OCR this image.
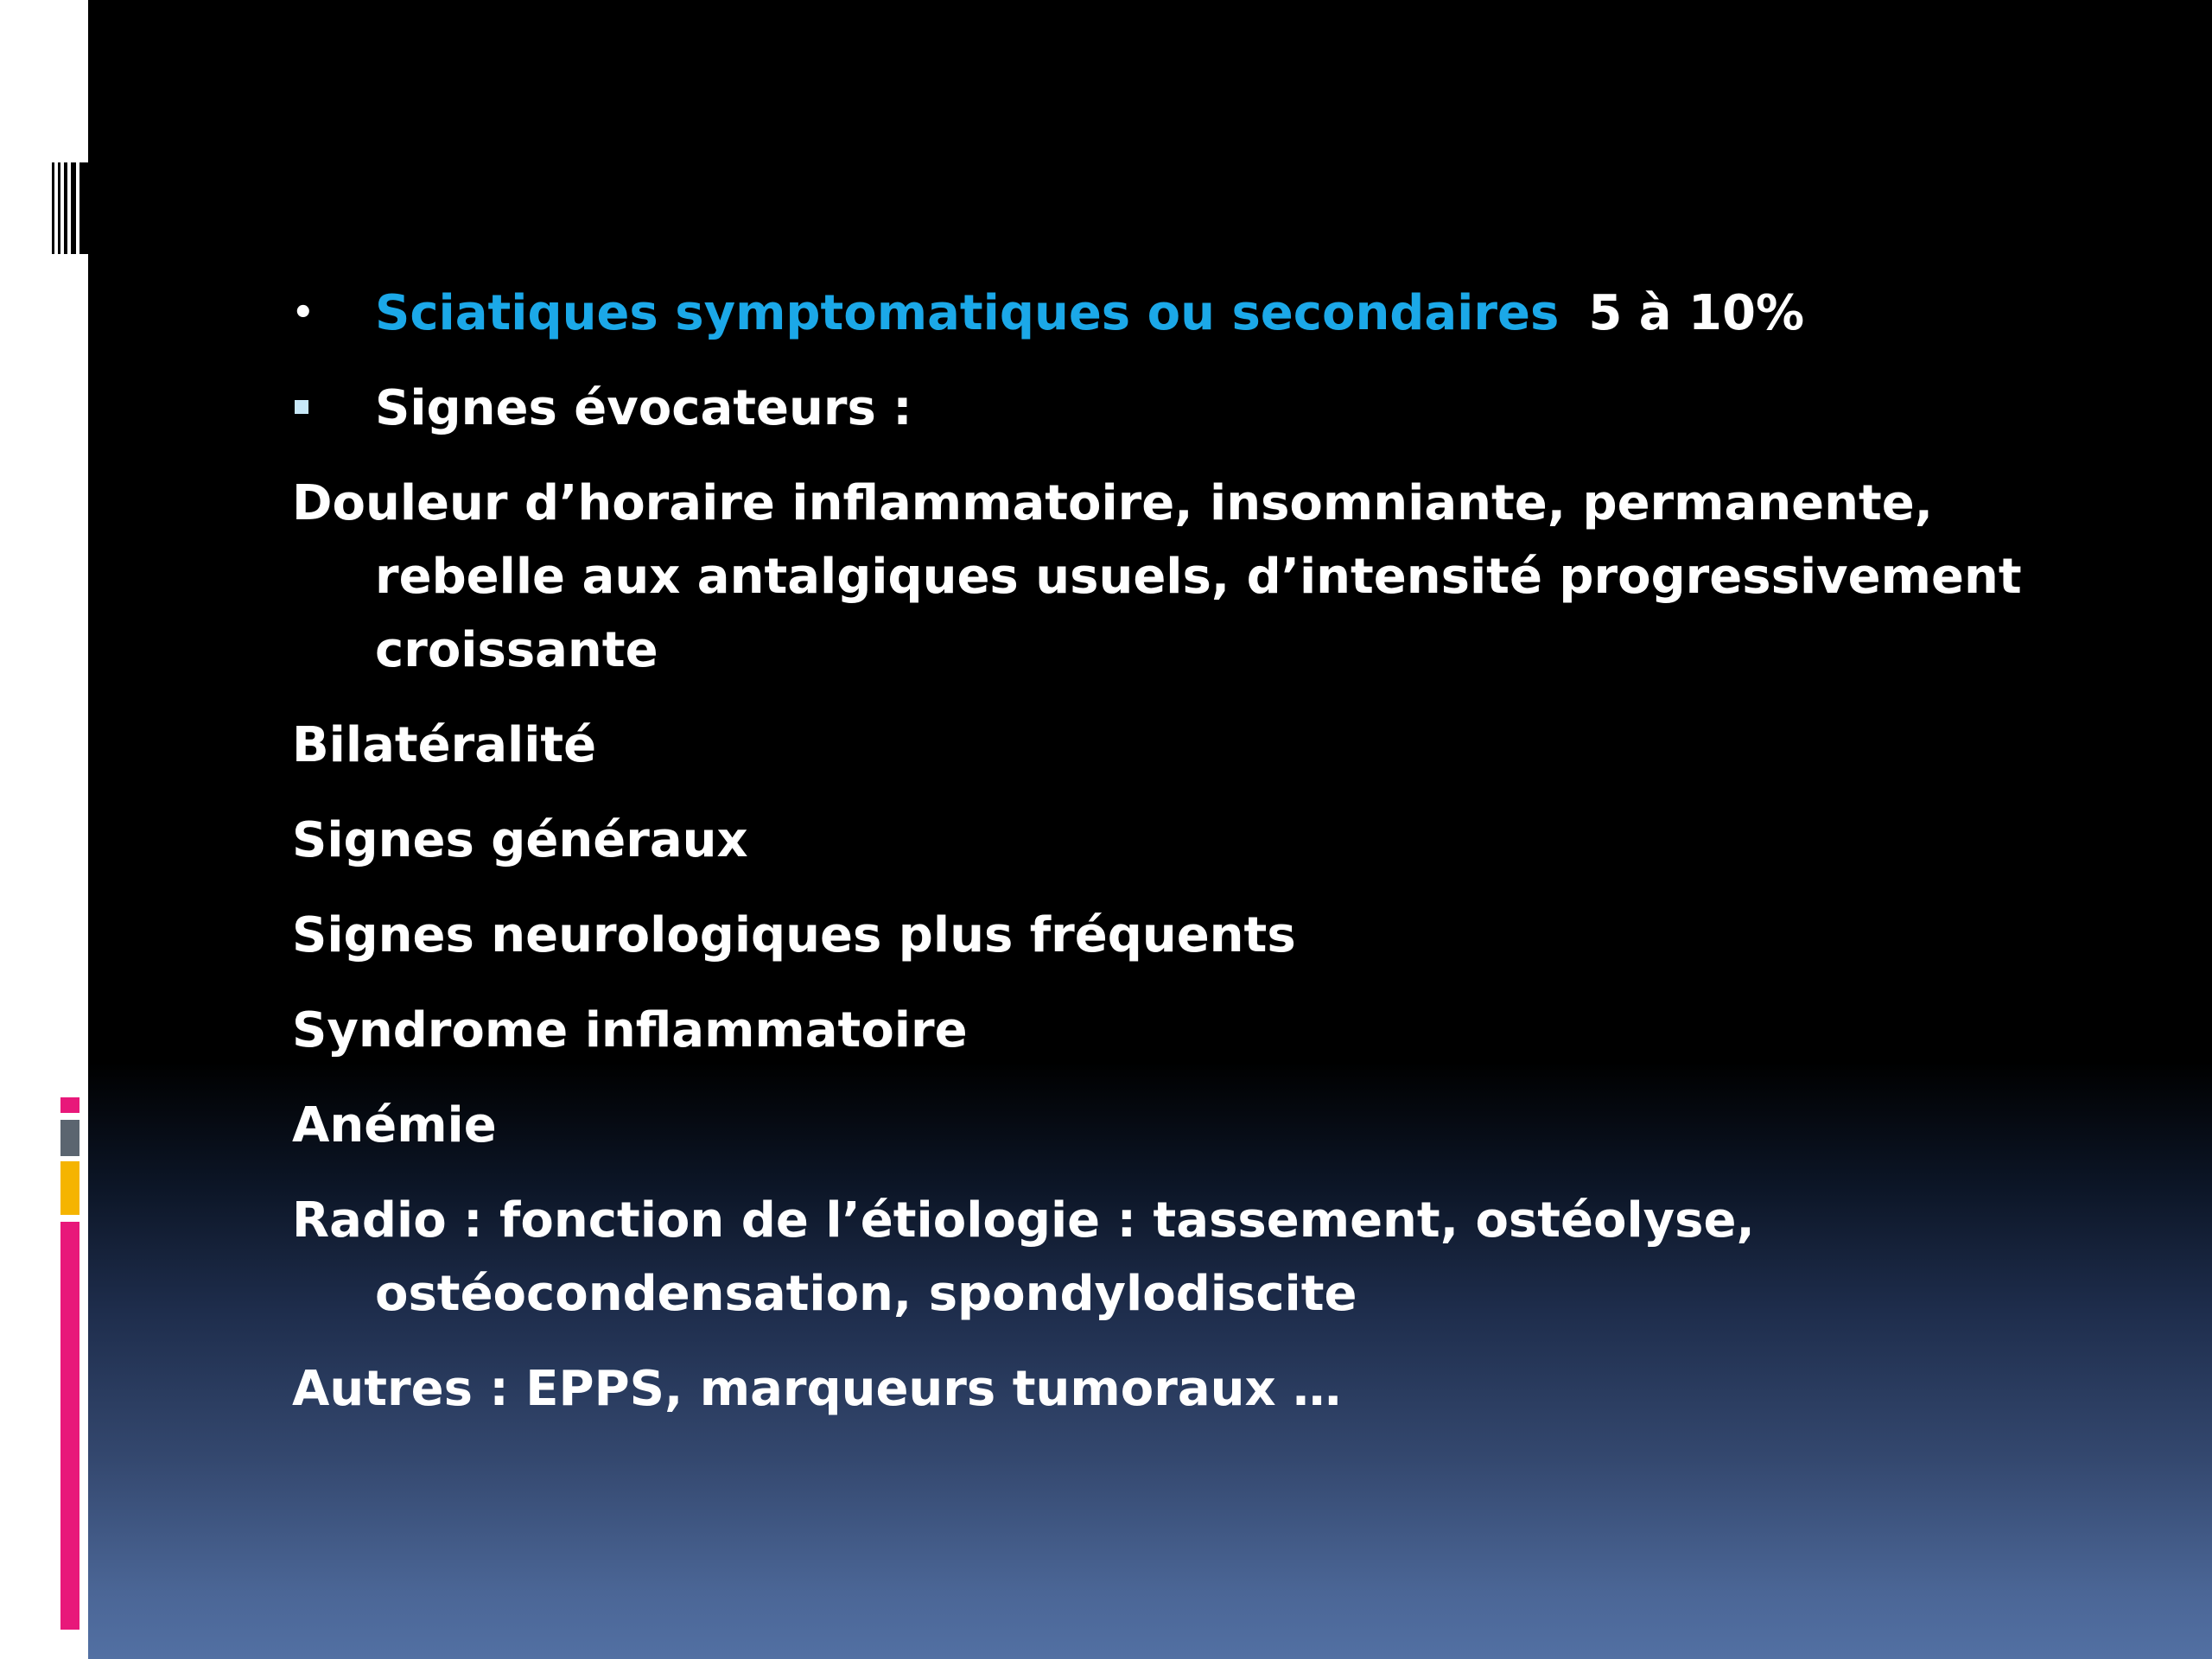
•	Sciatiques symptomatiques ou secondaires 5 à 10%
Signes évocateurs :
Douleur d’horaire inflammatoire, insomniante, permanente, rebelle aux antalgiques usuels, d’intensité progressivement croissante
Bilatéralité
Signes généraux
Signes neurologiques plus fréquents
Syndrome inflammatoire
Anémie
Radio : fonction de l’étiologie : tassement, ostéolyse, ostéocondensation, spondylodiscite
Autres : EPPS, marqueurs tumoraux …
